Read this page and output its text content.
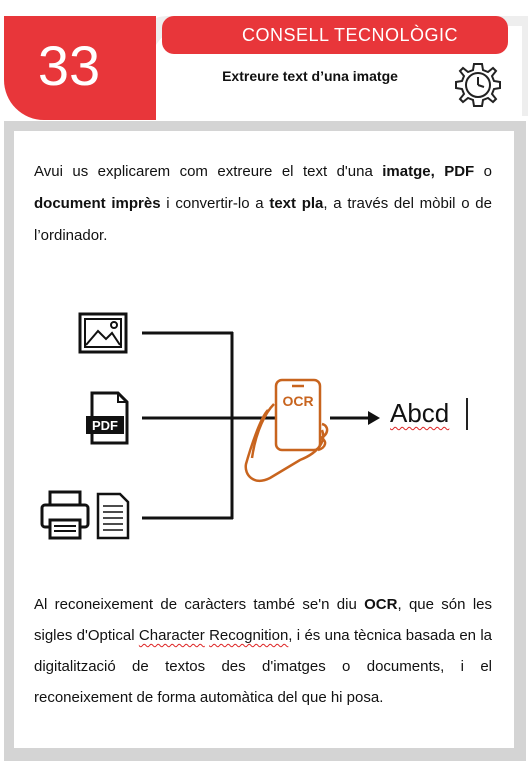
33	CONSELL TECNOLÒGIC
Extreure text d’una imatge

Avui us explicarem com extreure el text d'una imatge, PDF o document imprès i convertir-lo a text pla, a través del mòbil o de l’ordinador.

PDF
OCR	Abcd

Al reconeixement de caràcters també se'n diu OCR, que són les sigles d'Optical Character Recognition, i és una tècnica basada en la digitalització de textos des d'imatges o documents, i el reconeixement de forma automàtica del que hi posa.
